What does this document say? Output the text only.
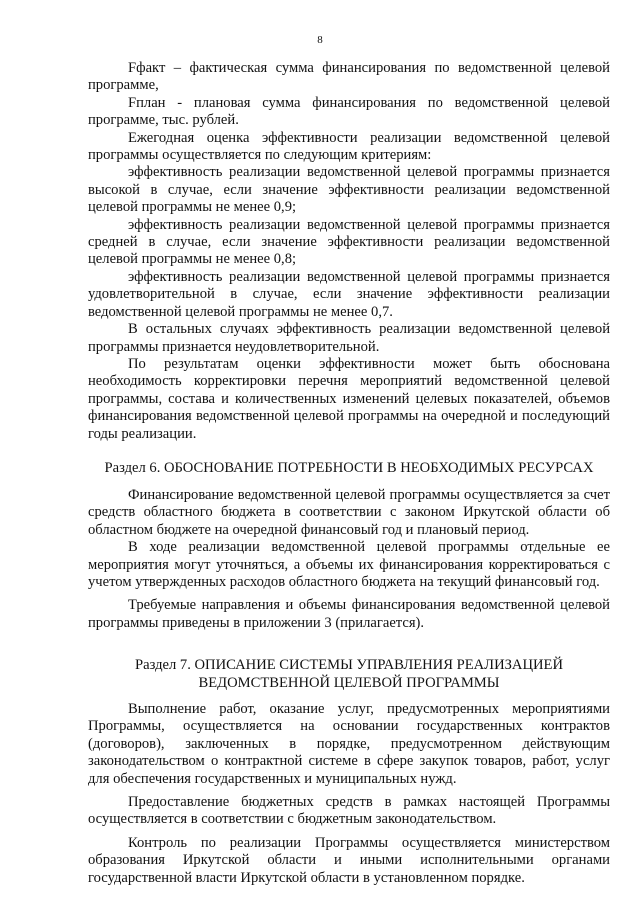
8

Fфакт – фактическая сумма финансирования по ведомственной целевой программе,

Fплан - плановая сумма финансирования по ведомственной целевой программе, тыс. рублей.

Ежегодная оценка эффективности реализации ведомственной целевой программы осуществляется по следующим критериям:

эффективность реализации ведомственной целевой программы признается высокой в случае, если значение эффективности реализации ведомственной целевой программы не менее 0,9;

эффективность реализации ведомственной целевой программы признается средней в случае, если значение эффективности реализации ведомственной целевой программы не менее 0,8;

эффективность реализации ведомственной целевой программы признается удовлетворительной в случае, если значение эффективности реализации ведомственной целевой программы не менее 0,7.

В остальных случаях эффективность реализации ведомственной целевой программы признается неудовлетворительной.

По результатам оценки эффективности может быть обоснована необходимость корректировки перечня мероприятий ведомственной целевой программы, состава и количественных изменений целевых показателей, объемов финансирования ведомственной целевой программы на очередной и последующий годы реализации.

Раздел 6. ОБОСНОВАНИЕ ПОТРЕБНОСТИ В НЕОБХОДИМЫХ РЕСУРСАХ

Финансирование ведомственной целевой программы осуществляется за счет средств областного бюджета в соответствии с законом Иркутской области об областном бюджете на очередной финансовый год и плановый период.

В ходе реализации ведомственной целевой программы отдельные ее мероприятия могут уточняться, а объемы их финансирования корректироваться с учетом утвержденных расходов областного бюджета на текущий финансовый год.

Требуемые направления и объемы финансирования ведомственной целевой программы приведены в приложении 3 (прилагается).

Раздел 7. ОПИСАНИЕ СИСТЕМЫ УПРАВЛЕНИЯ РЕАЛИЗАЦИЕЙ
ВЕДОМСТВЕННОЙ ЦЕЛЕВОЙ ПРОГРАММЫ

Выполнение работ, оказание услуг, предусмотренных мероприятиями Программы, осуществляется на основании государственных контрактов (договоров), заключенных в порядке, предусмотренном действующим законодательством о контрактной системе в сфере закупок товаров, работ, услуг для обеспечения государственных и муниципальных нужд.

Предоставление бюджетных средств в рамках настоящей Программы осуществляется в соответствии с бюджетным законодательством.

Контроль по реализации Программы осуществляется министерством образования Иркутской области и иными исполнительными органами государственной власти Иркутской области в установленном порядке.
